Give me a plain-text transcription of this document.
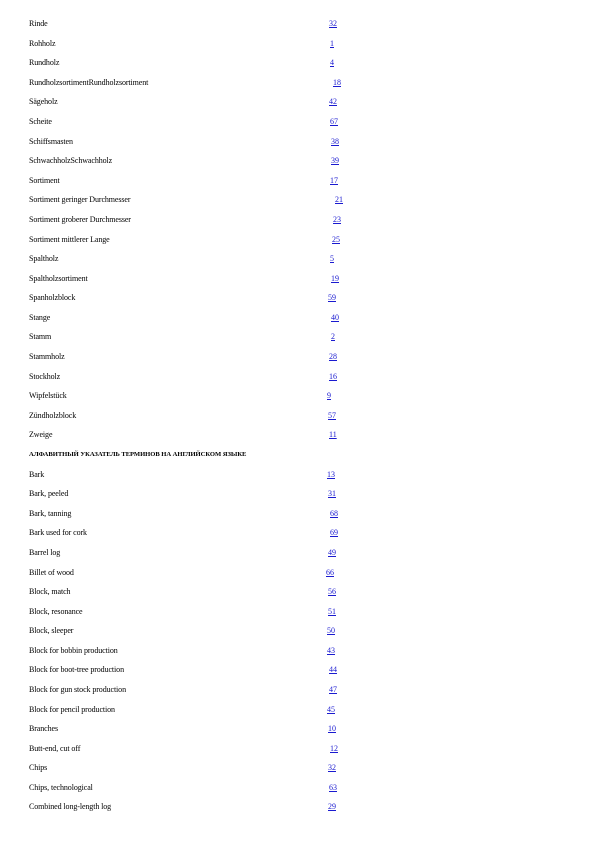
Rinde	32
Rohholz	1
Rundholz	4
RundholzsortimentRundholzsortiment	18
Sägeholz	42
Scheite	67
Schiffsmasten	38
SchwachholzSchwachholz	39
Sortiment	17
Sortiment geringer Durchmesser	21
Sortiment groberer Durchmesser	23
Sortiment mittlerer Lange	25
Spaltholz	5
Spaltholzsortiment	19
Spanholzblock	59
Stange	40
Stamm	2
Stammholz	28
Stockholz	16
Wipfelstück	9
Zündholzblock	57
Zweige	11
АЛФАВИТНЫЙ УКАЗАТЕЛЬ ТЕРМИНОВ НА АНГЛИЙСКОМ ЯЗЫКЕ
Bark	13
Bark, peeled	31
Bark, tanning	68
Bark used for cork	69
Barrel log	49
Billet of wood	66
Block, match	56
Block, resonance	51
Block, sleeper	50
Block for bobbin production	43
Block for boot-tree production	44
Block for gun stock production	47
Block for pencil production	45
Branches	10
Butt-end, cut off	12
Chips	32
Chips, technological	63
Combined long-length log	29
